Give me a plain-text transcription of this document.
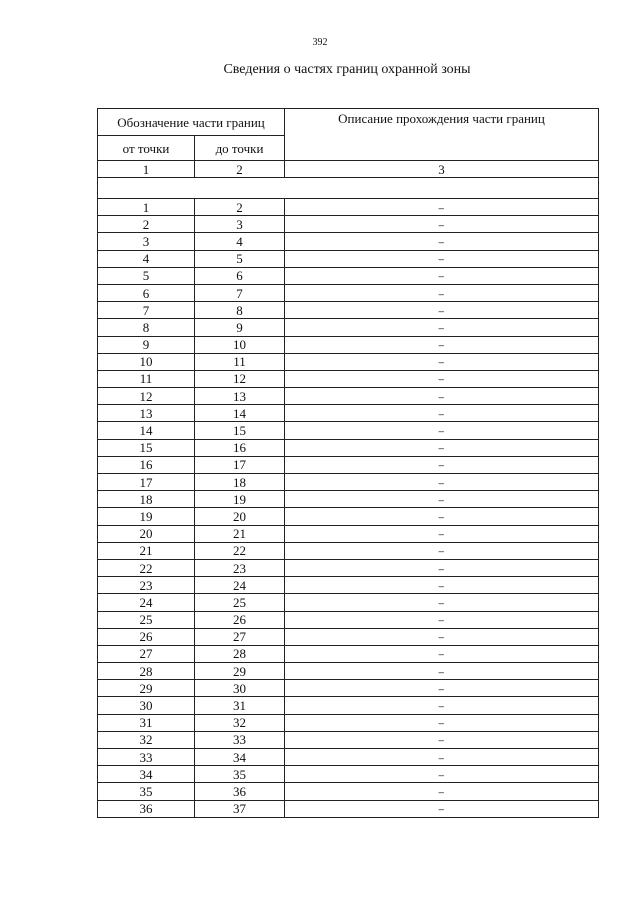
392
Сведения о частях границ охранной зоны
Обозначение части границ		Описание прохождения части границ
от точки	до точки	
1	2	3

1	2	–
2	3	–
3	4	–
4	5	–
5	6	–
6	7	–
7	8	–
8	9	–
9	10	–
10	11	–
11	12	–
12	13	–
13	14	–
14	15	–
15	16	–
16	17	–
17	18	–
18	19	–
19	20	–
20	21	–
21	22	–
22	23	–
23	24	–
24	25	–
25	26	–
26	27	–
27	28	–
28	29	–
29	30	–
30	31	–
31	32	–
32	33	–
33	34	–
34	35	–
35	36	–
36	37	–
